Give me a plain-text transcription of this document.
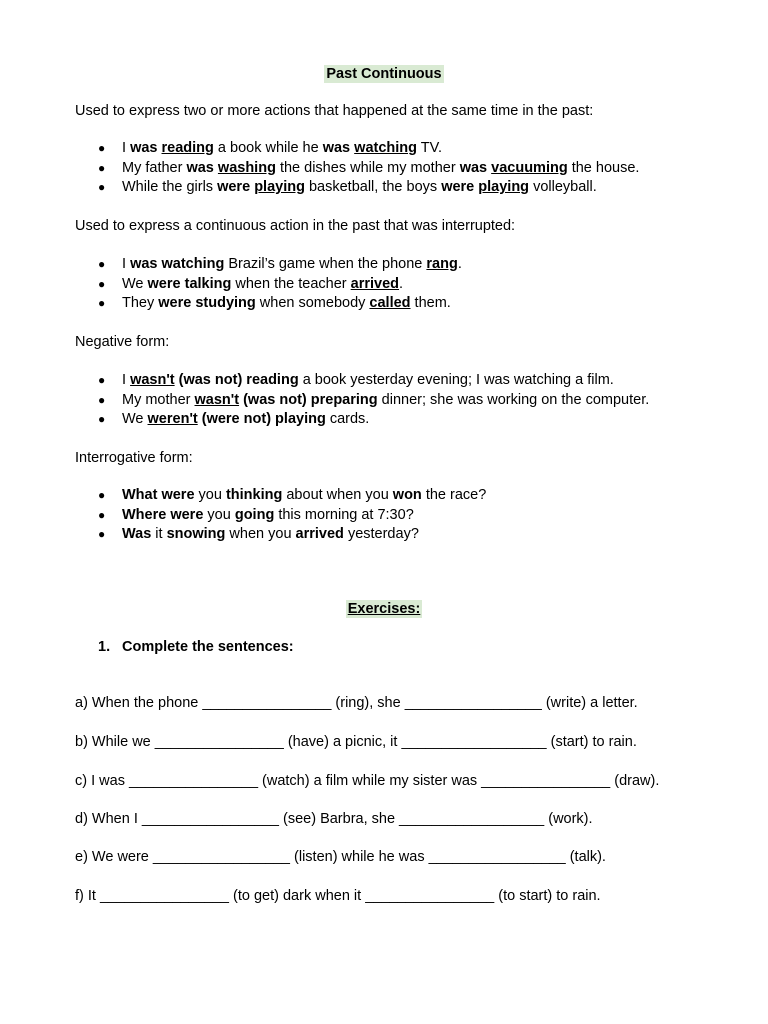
Past Continuous
Used to express two or more actions that happened at the same time in the past:
● I was reading a book while he was watching TV.
● My father was washing the dishes while my mother was vacuuming the house.
● While the girls were playing basketball, the boys were playing volleyball.
Used to express a continuous action in the past that was interrupted:
● I was watching Brazil’s game when the phone rang.
● We were talking when the teacher arrived.
● They were studying when somebody called them.
Negative form:
● I wasn't (was not) reading a book yesterday evening; I was watching a film.
● My mother wasn't (was not) preparing dinner; she was working on the computer.
● We weren't (were not) playing cards.
Interrogative form:
● What were you thinking about when you won the race?
● Where were you going this morning at 7:30?
● Was it snowing when you arrived yesterday?
Exercises:
1. Complete the sentences:
a) When the phone ________________ (ring), she _________________ (write) a letter.
b) While we ________________ (have) a picnic, it __________________ (start) to rain.
c) I was ________________ (watch) a film while my sister was ________________ (draw).
d) When I _________________ (see) Barbra, she __________________ (work).
e) We were _________________ (listen) while he was _________________ (talk).
f) It ________________ (to get) dark when it ________________ (to start) to rain.
